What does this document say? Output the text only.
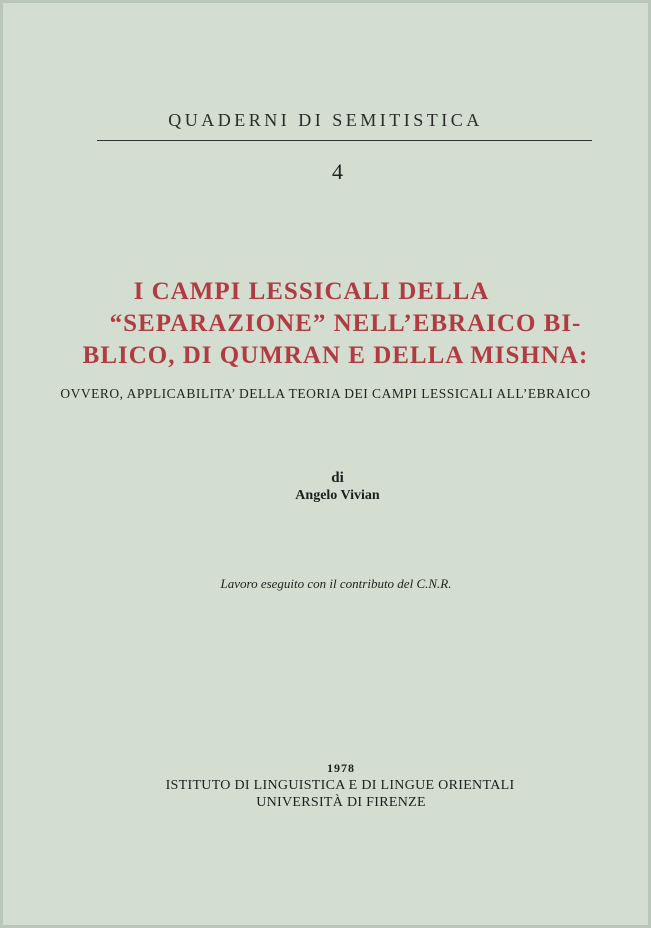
QUADERNI DI SEMITISTICA
4
I CAMPI LESSICALI DELLA
“SEPARAZIONE” NELL’EBRAICO BI-
BLICO, DI QUMRAN E DELLA MISHNA:
OVVERO, APPLICABILITA’ DELLA TEORIA DEI CAMPI LESSICALI ALL’EBRAICO
di
Angelo Vivian
Lavoro eseguito con il contributo del C.N.R.
1978
ISTITUTO DI LINGUISTICA E DI LINGUE ORIENTALI
UNIVERSITÀ DI FIRENZE
